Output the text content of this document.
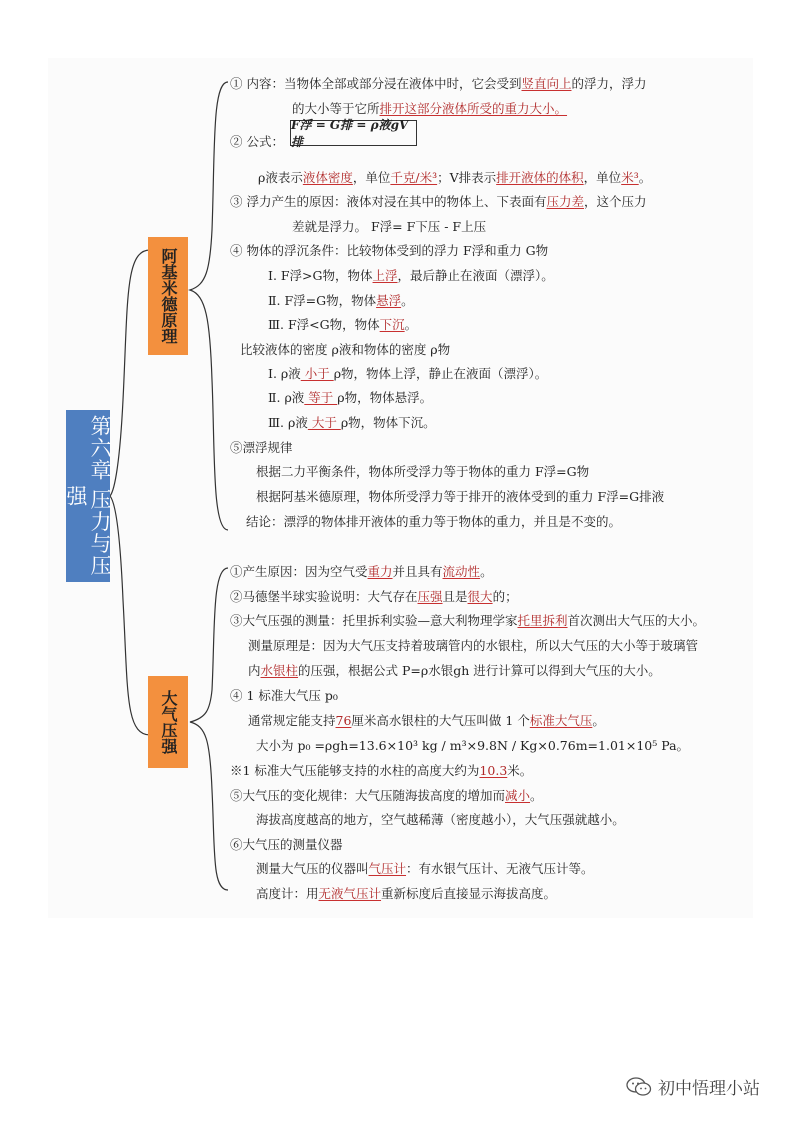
第六章 压力与压强
阿基米德原理
大气压强
① 内容：当物体全部或部分浸在液体中时，它会受到竖直向上的浮力，浮力
的大小等于它所排开这部分液体所受的重力大小。
② 公式：
F浮 = G排 = ρ液gV排
ρ液表示液体密度，单位千克/米³；V排表示排开液体的体积，单位米³。
③ 浮力产生的原因：液体对浸在其中的物体上、下表面有压力差，这个压力
差就是浮力。 F浮= F下压 - F上压
④ 物体的浮沉条件：比较物体受到的浮力 F浮和重力 G物
Ⅰ. F浮>G物，物体上浮，最后静止在液面（漂浮）。
Ⅱ. F浮=G物，物体悬浮。
Ⅲ. F浮<G物，物体下沉。
比较液体的密度 ρ液和物体的密度 ρ物
Ⅰ. ρ液 小于 ρ物，物体上浮，静止在液面（漂浮）。
Ⅱ. ρ液 等于 ρ物，物体悬浮。
Ⅲ. ρ液 大于 ρ物，物体下沉。
⑤漂浮规律
根据二力平衡条件，物体所受浮力等于物体的重力 F浮=G物
根据阿基米德原理，物体所受浮力等于排开的液体受到的重力 F浮=G排液
结论：漂浮的物体排开液体的重力等于物体的重力，并且是不变的。
①产生原因：因为空气受重力并且具有流动性。
②马德堡半球实验说明：大气存在压强且是很大的；
③大气压强的测量：托里拆利实验—意大利物理学家托里拆利首次测出大气压的大小。
测量原理是：因为大气压支持着玻璃管内的水银柱，所以大气压的大小等于玻璃管
内水银柱的压强，根据公式 P=ρ水银gh 进行计算可以得到大气压的大小。
④ 1 标准大气压 p₀
通常规定能支持76厘米高水银柱的大气压叫做 1 个标准大气压。
大小为 p₀ =ρgh=13.6×10³ kg / m³×9.8N / Kg×0.76m=1.01×10⁵ Pa。
※1 标准大气压能够支持的水柱的高度大约为10.3米。
⑤大气压的变化规律：大气压随海拔高度的增加而减小。
海拔高度越高的地方，空气越稀薄（密度越小），大气压强就越小。
⑥大气压的测量仪器
测量大气压的仪器叫气压计：有水银气压计、无液气压计等。
高度计：用无液气压计重新标度后直接显示海拔高度。
初中悟理小站
